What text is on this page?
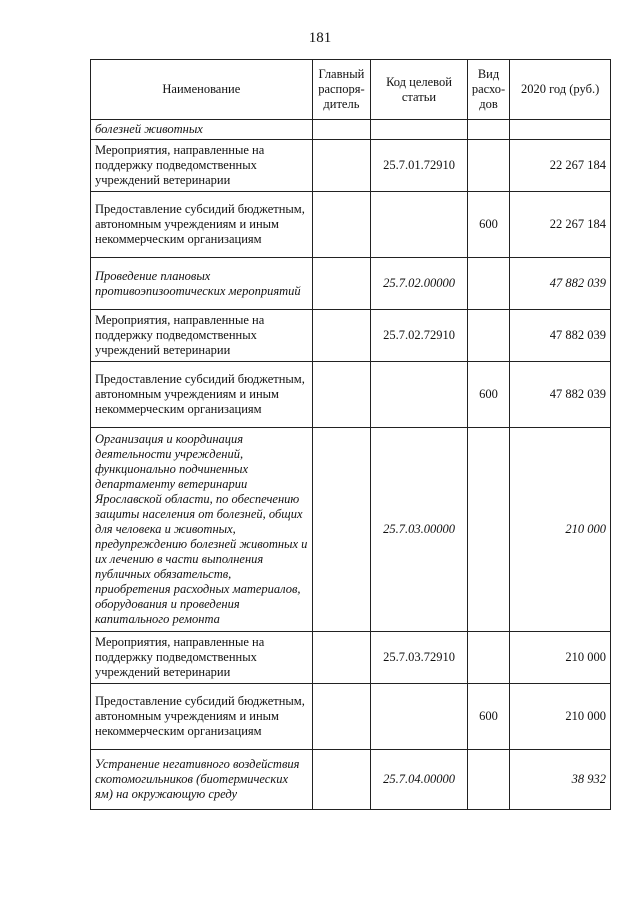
181
Наименование	Главный распоря-дитель	Код целевой статьи	Вид расхо-дов	2020 год (руб.)
болезней животных				
Мероприятия, направленные на поддержку подведомственных учреждений ветеринарии		25.7.01.72910		22 267 184
Предоставление субсидий бюджетным, автономным учреждениям и иным некоммерческим организациям			600	22 267 184
Проведение плановых противоэпизоотических мероприятий		25.7.02.00000		47 882 039
Мероприятия, направленные на поддержку подведомственных учреждений ветеринарии		25.7.02.72910		47 882 039
Предоставление субсидий бюджетным, автономным учреждениям и иным некоммерческим организациям			600	47 882 039
Организация и координация деятельности учреждений, функционально подчиненных департаменту ветеринарии Ярославской области, по обеспечению защиты населения от болезней, общих для человека и животных, предупреждению болезней животных и их лечению в части выполнения публичных обязательств, приобретения расходных материалов, оборудования и проведения капитального ремонта		25.7.03.00000		210 000
Мероприятия, направленные на поддержку подведомственных учреждений ветеринарии		25.7.03.72910		210 000
Предоставление субсидий бюджетным, автономным учреждениям и иным некоммерческим организациям			600	210 000
Устранение негативного воздействия скотомогильников (биотермических ям) на окружающую среду		25.7.04.00000		38 932
